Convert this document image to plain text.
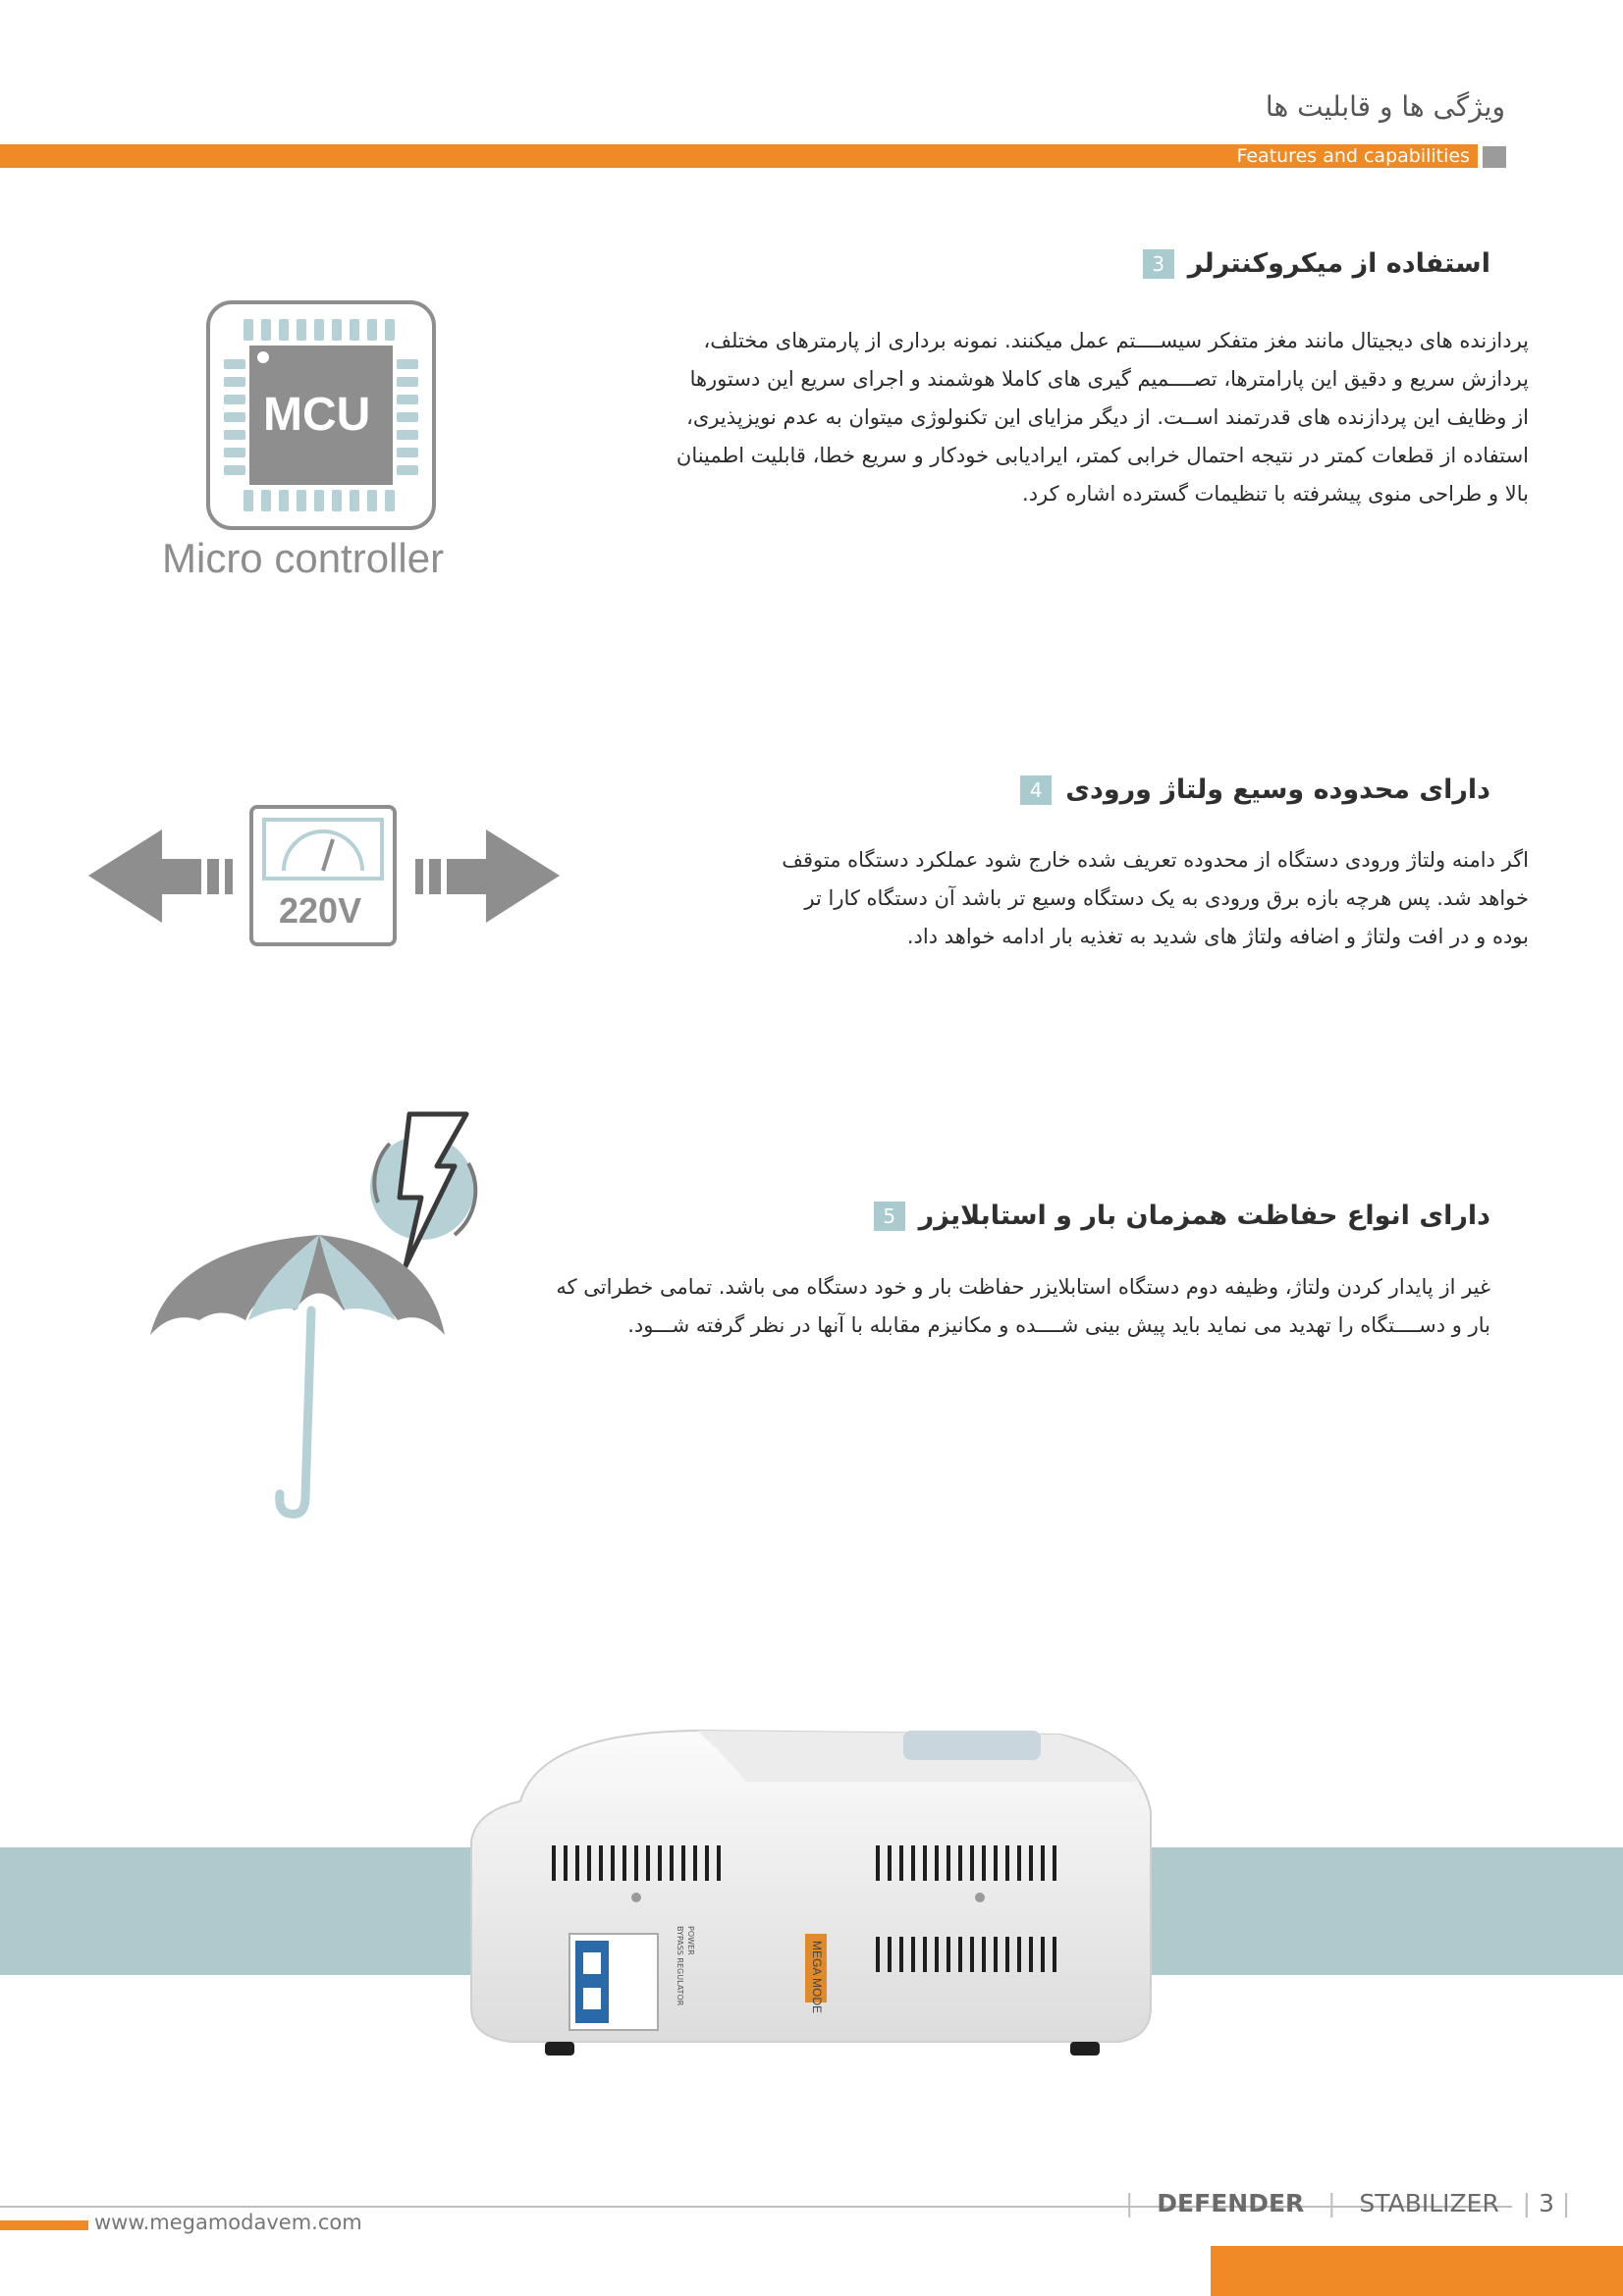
ویژگی ها و قابلیت ها
Features and capabilities
3 استفاده از میکروکنترلر
پردازنده های دیجیتال مانند مغز متفکر سیســــتم عمل میکنند. نمونه برداری از پارمترهای مختلف،
پردازش سریع و دقیق این پارامترها، تصــــمیم گیری های کاملا هوشمند و اجرای سریع این دستورها
از وظایف این پردازنده های قدرتمند اســت. از دیگر مزایای این تکنولوژی میتوان به عدم نویزپذیری،
استفاده از قطعات کمتر در نتیجه احتمال خرابی کمتر، ایرادیابی خودکار و سریع خطا، قابلیت اطمینان
بالا و طراحی منوی پیشرفته با تنظیمات گسترده اشاره کرد.
MCU
Micro controller
4 دارای محدوده وسیع ولتاژ ورودی
اگر دامنه ولتاژ ورودی دستگاه از محدوده تعریف شده خارج شود عملکرد دستگاه متوقف
خواهد شد. پس هرچه بازه برق ورودی به یک دستگاه وسیع تر باشد آن دستگاه کارا تر
بوده و در افت ولتاژ و اضافه ولتاژ های شدید به تغذیه بار ادامه خواهد داد.
220V
5 دارای انواع حفاظت همزمان بار و استابلایزر
غیر از پایدار کردن ولتاژ، وظیفه دوم دستگاه استابلایزر حفاظت بار و خود دستگاه می باشد. تمامی خطراتی که
بار و دســــتگاه را تهدید می نماید باید پیش بینی شــــده و مکانیزم مقابله با آنها در نظر گرفته شـــود.
MEGA MODE
POWER
BYPASS REGULATOR
www.megamodavem.com
| DEFENDER | STABILIZER | 3 |
